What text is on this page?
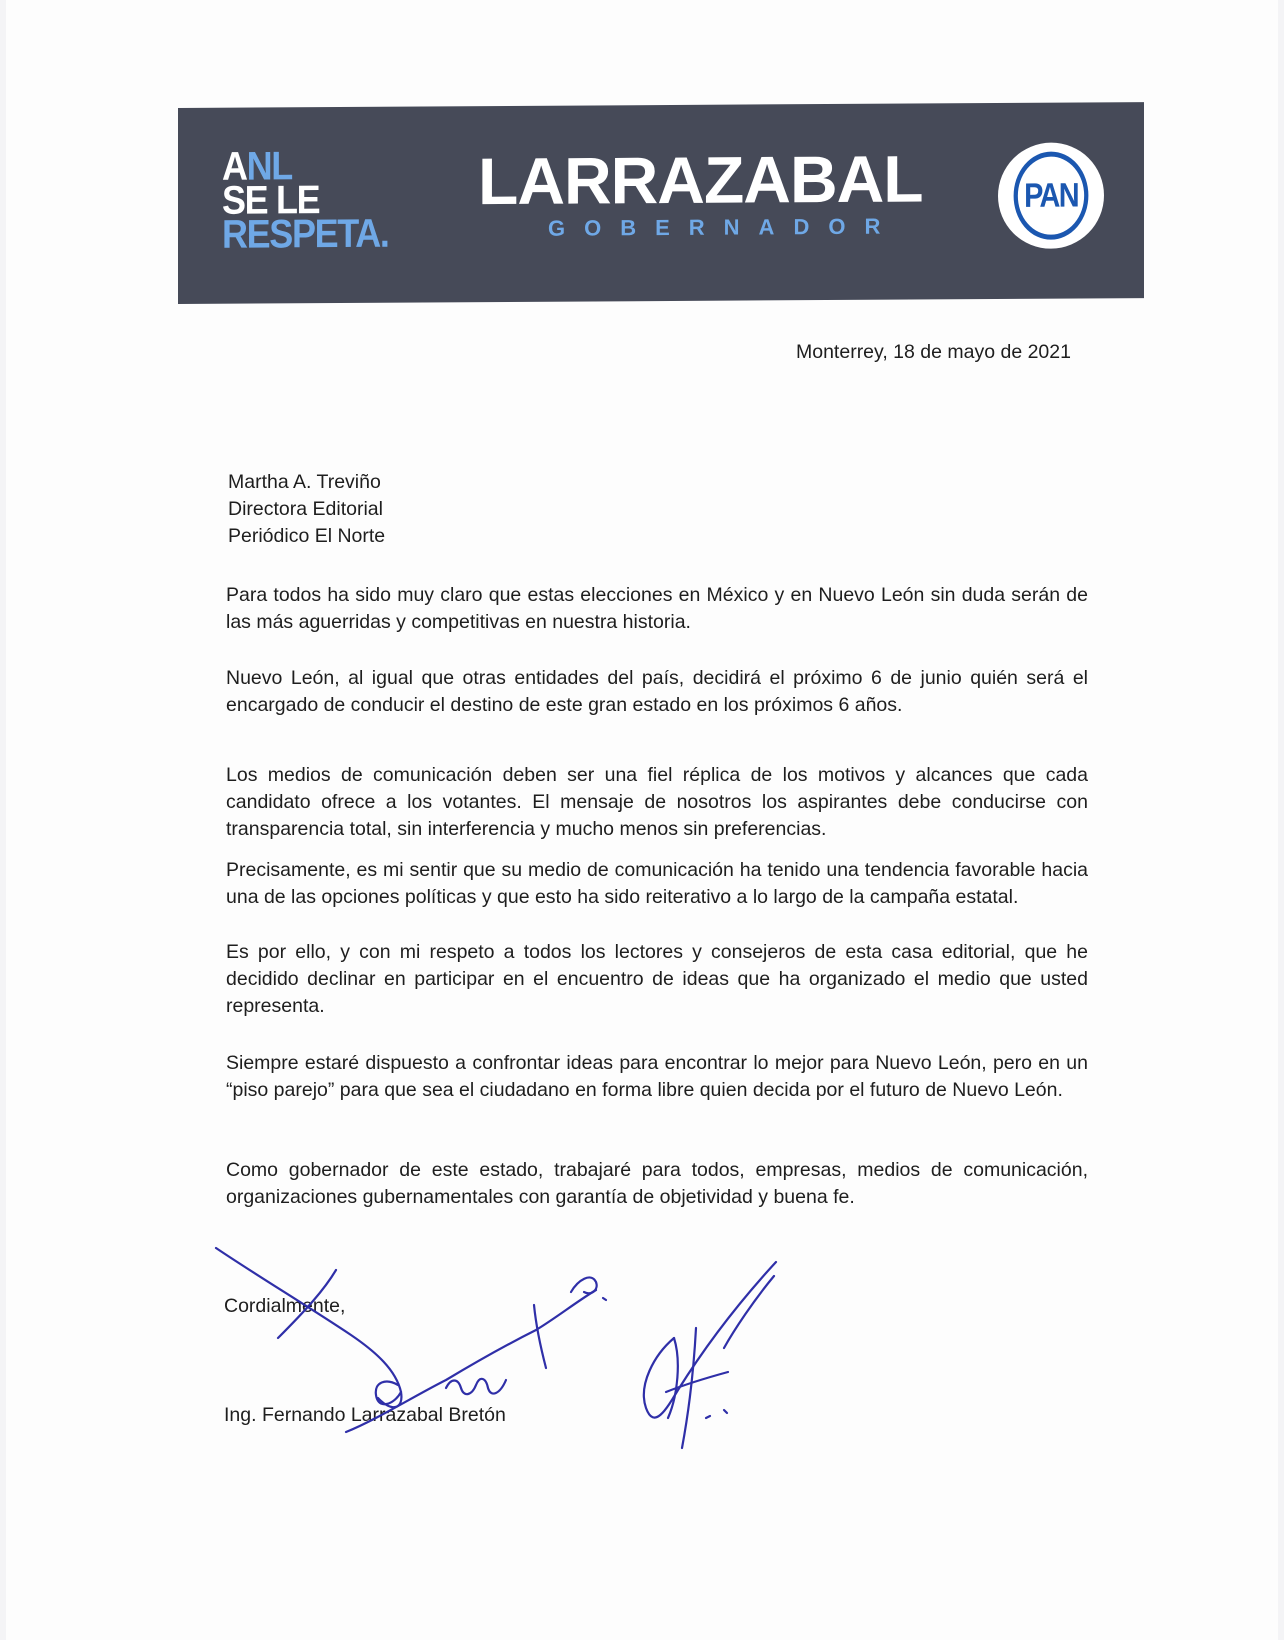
ANL
SE LE
RESPETA.
LARRAZABAL
GOBERNADOR
PAN

Monterrey, 18 de mayo de 2021

Martha A. Treviño
Directora Editorial
Periódico El Norte

Para todos ha sido muy claro que estas elecciones en México y en Nuevo León sin duda serán de las más aguerridas y competitivas en nuestra historia.

Nuevo León, al igual que otras entidades del país, decidirá el próximo 6 de junio quién será el encargado de conducir el destino de este gran estado en los próximos 6 años.

Los medios de comunicación deben ser una fiel réplica de los motivos y alcances que cada candidato ofrece a los votantes. El mensaje de nosotros los aspirantes debe conducirse con transparencia total, sin interferencia y mucho menos sin preferencias.

Precisamente, es mi sentir que su medio de comunicación ha tenido una tendencia favorable hacia una de las opciones políticas y que esto ha sido reiterativo a lo largo de la campaña estatal.

Es por ello, y con mi respeto a todos los lectores y consejeros de esta casa editorial, que he decidido declinar en participar en el encuentro de ideas que ha organizado el medio que usted representa.

Siempre estaré dispuesto a confrontar ideas para encontrar lo mejor para Nuevo León, pero en un “piso parejo” para que sea el ciudadano en forma libre quien decida por el futuro de Nuevo León.

Como gobernador de este estado, trabajaré para todos, empresas, medios de comunicación, organizaciones gubernamentales con garantía de objetividad y buena fe.

Cordialmente,

Ing. Fernando Larrazabal Bretón
